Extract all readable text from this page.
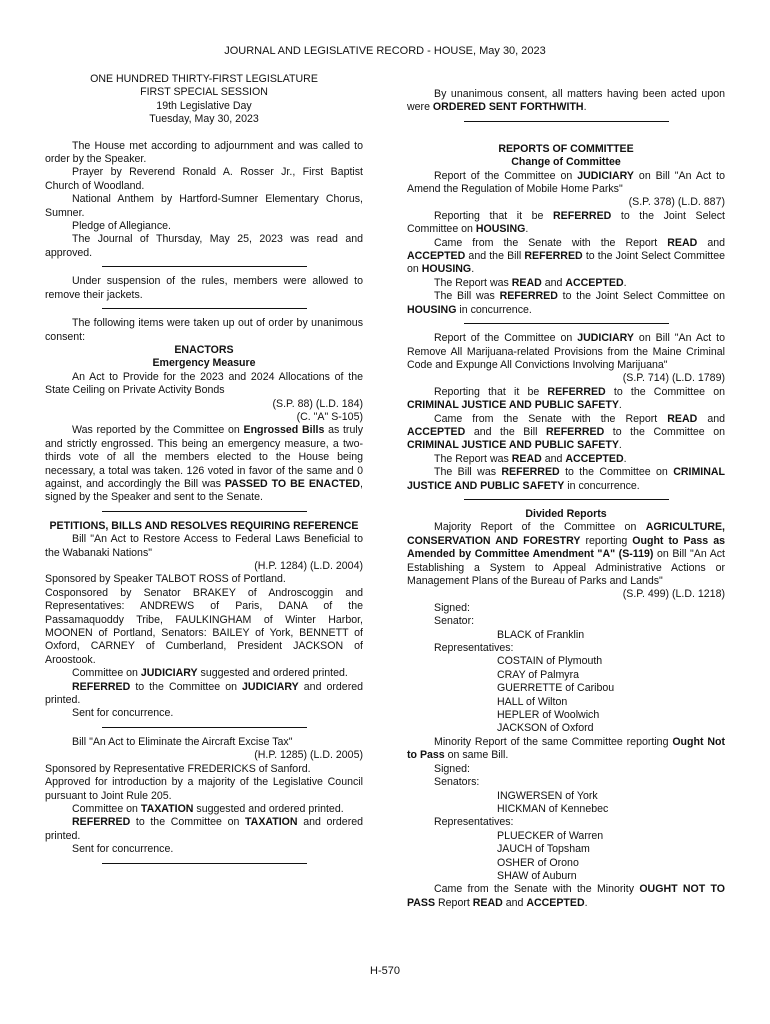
JOURNAL AND LEGISLATIVE RECORD - HOUSE, May 30, 2023

ONE HUNDRED THIRTY-FIRST LEGISLATURE

FIRST SPECIAL SESSION

19th Legislative Day

Tuesday, May 30, 2023

The House met according to adjournment and was called to order by the Speaker.

Prayer by Reverend Ronald A. Rosser Jr., First Baptist Church of Woodland.

National Anthem by Hartford-Sumner Elementary Chorus, Sumner.

Pledge of Allegiance.

The Journal of Thursday, May 25, 2023 was read and approved.

Under suspension of the rules, members were allowed to remove their jackets.

The following items were taken up out of order by unanimous consent:

ENACTORS

Emergency Measure

An Act to Provide for the 2023 and 2024 Allocations of the State Ceiling on Private Activity Bonds

(S.P. 88) (L.D. 184)

(C. "A" S-105)

Was reported by the Committee on Engrossed Bills as truly and strictly engrossed. This being an emergency measure, a two-thirds vote of all the members elected to the House being necessary, a total was taken. 126 voted in favor of the same and 0 against, and accordingly the Bill was PASSED TO BE ENACTED, signed by the Speaker and sent to the Senate.

PETITIONS, BILLS AND RESOLVES REQUIRING REFERENCE

Bill "An Act to Restore Access to Federal Laws Beneficial to the Wabanaki Nations"

(H.P. 1284) (L.D. 2004)

Sponsored by Speaker TALBOT ROSS of Portland.

Cosponsored by Senator BRAKEY of Androscoggin and Representatives: ANDREWS of Paris, DANA of the Passamaquoddy Tribe, FAULKINGHAM of Winter Harbor, MOONEN of Portland, Senators: BAILEY of York, BENNETT of Oxford, CARNEY of Cumberland, President JACKSON of Aroostook.

Committee on JUDICIARY suggested and ordered printed.

REFERRED to the Committee on JUDICIARY and ordered printed.

Sent for concurrence.

Bill "An Act to Eliminate the Aircraft Excise Tax"

(H.P. 1285) (L.D. 2005)

Sponsored by Representative FREDERICKS of Sanford.

Approved for introduction by a majority of the Legislative Council pursuant to Joint Rule 205.

Committee on TAXATION suggested and ordered printed.

REFERRED to the Committee on TAXATION and ordered printed.

Sent for concurrence.

By unanimous consent, all matters having been acted upon were ORDERED SENT FORTHWITH.

REPORTS OF COMMITTEE

Change of Committee

Report of the Committee on JUDICIARY on Bill "An Act to Amend the Regulation of Mobile Home Parks"

(S.P. 378) (L.D. 887)

Reporting that it be REFERRED to the Joint Select Committee on HOUSING.

Came from the Senate with the Report READ and ACCEPTED and the Bill REFERRED to the Joint Select Committee on HOUSING.

The Report was READ and ACCEPTED.

The Bill was REFERRED to the Joint Select Committee on HOUSING in concurrence.

Report of the Committee on JUDICIARY on Bill "An Act to Remove All Marijuana-related Provisions from the Maine Criminal Code and Expunge All Convictions Involving Marijuana"

(S.P. 714) (L.D. 1789)

Reporting that it be REFERRED to the Committee on CRIMINAL JUSTICE AND PUBLIC SAFETY.

Came from the Senate with the Report READ and ACCEPTED and the Bill REFERRED to the Committee on CRIMINAL JUSTICE AND PUBLIC SAFETY.

The Report was READ and ACCEPTED.

The Bill was REFERRED to the Committee on CRIMINAL JUSTICE AND PUBLIC SAFETY in concurrence.

Divided Reports

Majority Report of the Committee on AGRICULTURE, CONSERVATION AND FORESTRY reporting Ought to Pass as Amended by Committee Amendment "A" (S-119) on Bill "An Act Establishing a System to Appeal Administrative Actions or Management Plans of the Bureau of Parks and Lands"

(S.P. 499) (L.D. 1218)

Signed:

Senator:

BLACK of Franklin

Representatives:

COSTAIN of Plymouth

CRAY of Palmyra

GUERRETTE of Caribou

HALL of Wilton

HEPLER of Woolwich

JACKSON of Oxford

Minority Report of the same Committee reporting Ought Not to Pass on same Bill.

Signed:

Senators:

INGWERSEN of York

HICKMAN of Kennebec

Representatives:

PLUECKER of Warren

JAUCH of Topsham

OSHER of Orono

SHAW of Auburn

Came from the Senate with the Minority OUGHT NOT TO PASS Report READ and ACCEPTED.

H-570
